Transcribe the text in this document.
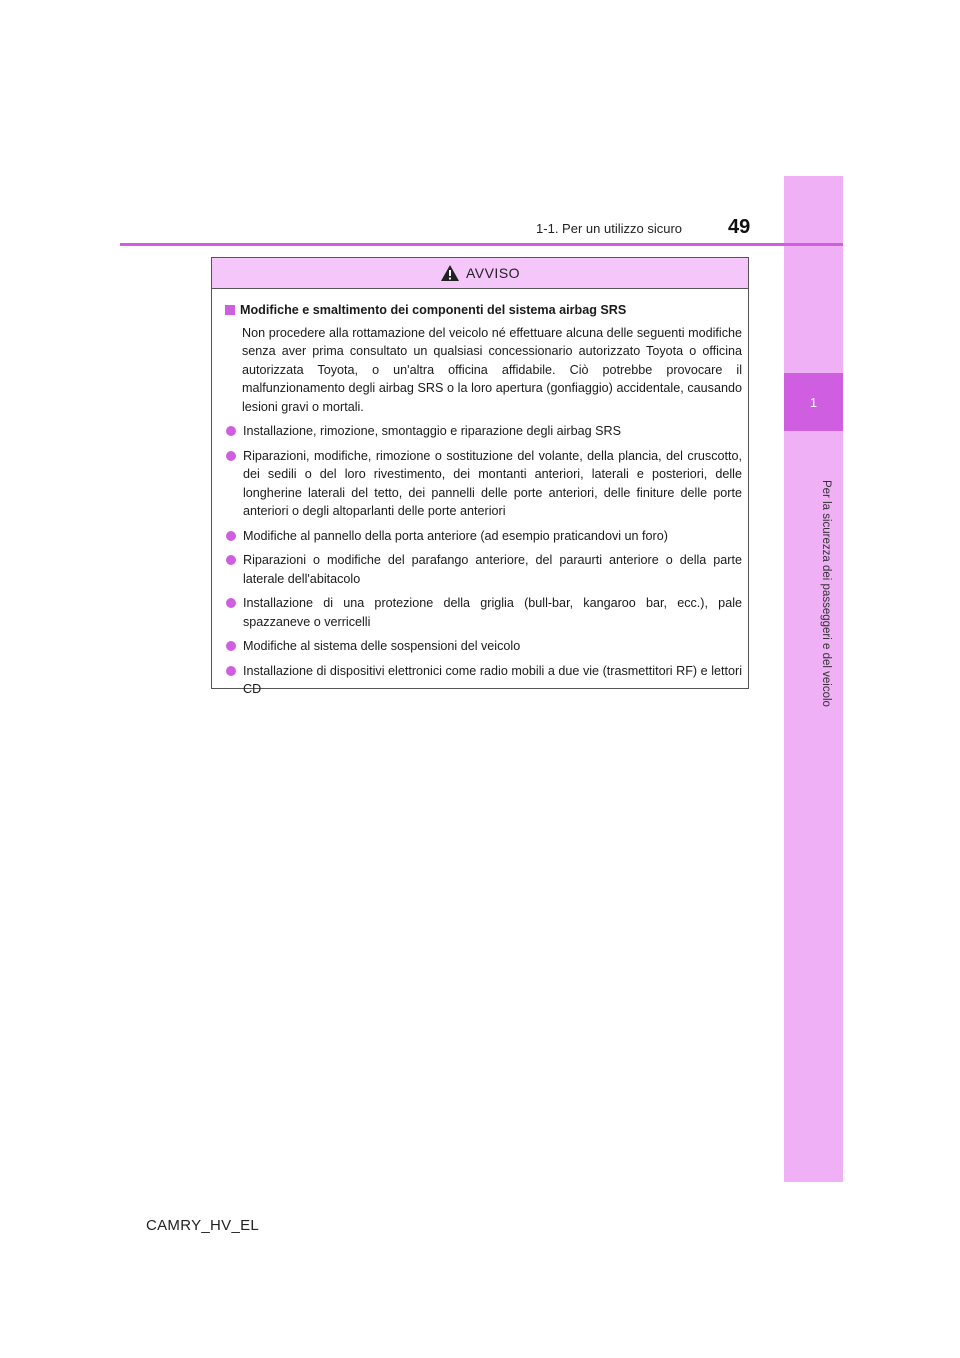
1
Per la sicurezza dei passeggeri e del veicolo
1-1. Per un utilizzo sicuro 49
AVVISO
Modifiche e smaltimento dei componenti del sistema airbag SRS
Non procedere alla rottamazione del veicolo né effettuare alcuna delle seguenti modifiche senza aver prima consultato un qualsiasi concessionario autorizzato Toyota o officina autorizzata Toyota, o un'altra officina affidabile. Ciò potrebbe provocare il malfunzionamento degli airbag SRS o la loro apertura (gonfiaggio) accidentale, causando lesioni gravi o mortali.
Installazione, rimozione, smontaggio e riparazione degli airbag SRS
Riparazioni, modifiche, rimozione o sostituzione del volante, della plancia, del cruscotto, dei sedili o del loro rivestimento, dei montanti anteriori, laterali e posteriori, delle longherine laterali del tetto, dei pannelli delle porte anteriori, delle finiture delle porte anteriori o degli altoparlanti delle porte anteriori
Modifiche al pannello della porta anteriore (ad esempio praticandovi un foro)
Riparazioni o modifiche del parafango anteriore, del paraurti anteriore o della parte laterale dell'abitacolo
Installazione di una protezione della griglia (bull-bar, kangaroo bar, ecc.), pale spazzaneve o verricelli
Modifiche al sistema delle sospensioni del veicolo
Installazione di dispositivi elettronici come radio mobili a due vie (trasmettitori RF) e lettori CD
CAMRY_HV_EL
